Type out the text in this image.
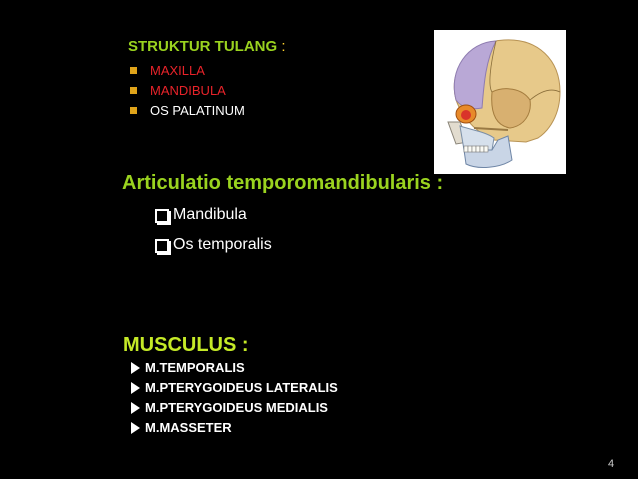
STRUKTUR TULANG :
MAXILLA
MANDIBULA
OS PALATINUM
Articulatio temporomandibularis :
Mandibula
Os temporalis
MUSCULUS :
M.TEMPORALIS
M.PTERYGOIDEUS LATERALIS
M.PTERYGOIDEUS MEDIALIS
M.MASSETER
4
